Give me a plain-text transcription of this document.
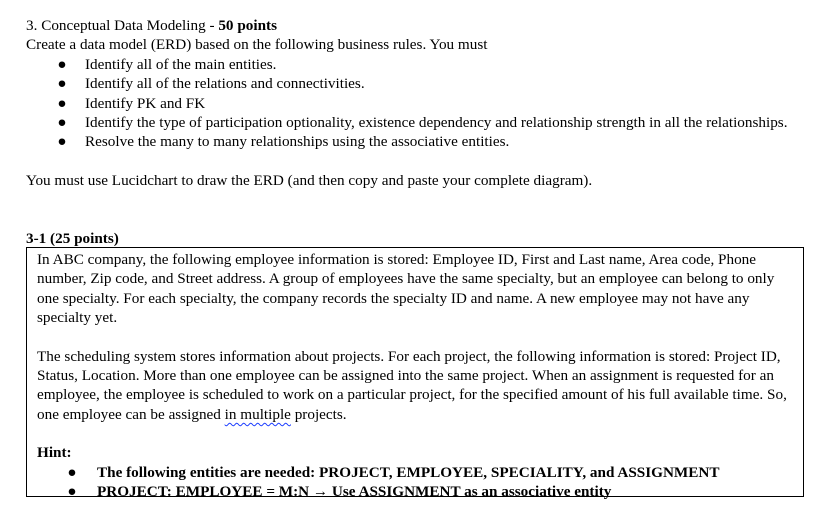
3. Conceptual Data Modeling - 50 points

Create a data model (ERD) based on the following business rules. You must

● Identify all of the main entities.
● Identify all of the relations and connectivities.
● Identify PK and FK
● Identify the type of participation optionality, existence dependency and relationship strength in all the relationships.
● Resolve the many to many relationships using the associative entities.

You must use Lucidchart to draw the ERD (and then copy and paste your complete diagram).

3-1 (25 points)

In ABC company, the following employee information is stored: Employee ID, First and Last name, Area code, Phone number, Zip code, and Street address. A group of employees have the same specialty, but an employee can belong to only one specialty. For each specialty, the company records the specialty ID and name. A new employee may not have any specialty yet.

The scheduling system stores information about projects. For each project, the following information is stored: Project ID, Status, Location. More than one employee can be assigned into the same project. When an assignment is requested for an employee, the employee is scheduled to work on a particular project, for the specified amount of his full available time. So, one employee can be assigned in multiple projects.

Hint:

● The following entities are needed: PROJECT, EMPLOYEE, SPECIALITY, and ASSIGNMENT
● PROJECT: EMPLOYEE = M:N → Use ASSIGNMENT as an associative entity
